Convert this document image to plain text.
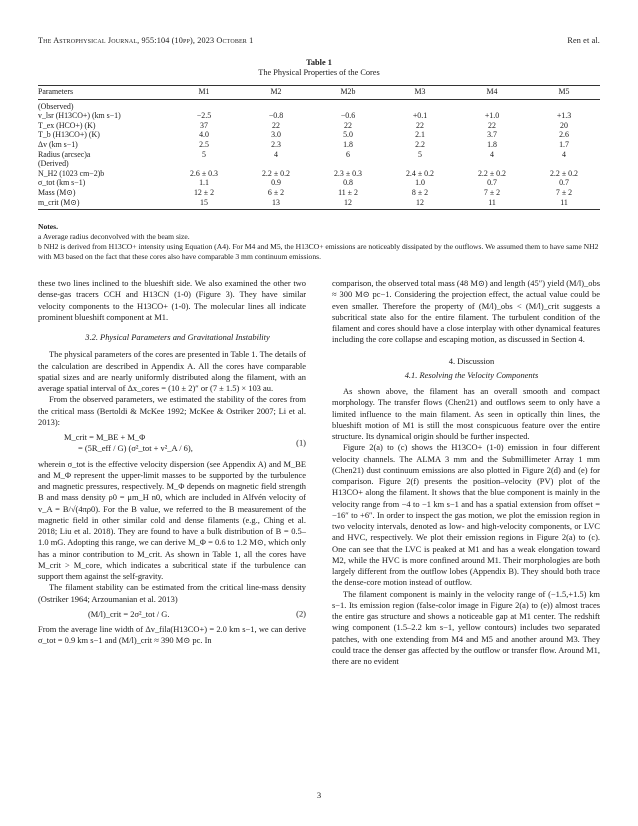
The Astrophysical Journal, 955:104 (10pp), 2023 October 1	Ren et al.
Table 1
The Physical Properties of the Cores
Parameters	M1	M2	M2b	M3	M4	M5
(Observed)						
v_lsr (H13CO+) (km s−1)	−2.5	−0.8	−0.6	+0.1	+1.0	+1.3
T_ex (HCO+) (K)	37	22	22	22	22	20
T_b (H13CO+) (K)	4.0	3.0	5.0	2.1	3.7	2.6
Δv (km s−1)	2.5	2.3	1.8	2.2	1.8	1.7
Radius (arcsec)a	5	4	6	5	4	4
(Derived)						
N_H2 (1023 cm−2)b	2.6 ± 0.3	2.2 ± 0.2	2.3 ± 0.3	2.4 ± 0.2	2.2 ± 0.2	2.2 ± 0.2
σ_tot (km s−1)	1.1	0.9	0.8	1.0	0.7	0.7
Mass (M⊙)	12 ± 2	6 ± 2	11 ± 2	8 ± 2	7 ± 2	7 ± 2
m_crit (M⊙)	15	13	12	12	11	11
Notes.
a Average radius deconvolved with the beam size.
b NH2 is derived from H13CO+ intensity using Equation (A4). For M4 and M5, the H13CO+ emissions are noticeably dissipated by the outflows. We assumed them to have same NH2 with M3 based on the fact that these cores also have comparable 3 mm continuum emissions.

these two lines inclined to the blueshift side. We also examined the other two dense-gas tracers CCH and H13CN (1-0) (Figure 3). They have similar velocity components to the H13CO+ (1-0). The molecular lines all indicate prominent blueshift component at M1.

3.2. Physical Parameters and Gravitational Instability

The physical parameters of the cores are presented in Table 1. The details of the calculation are described in Appendix A. All the cores have comparable spatial sizes and are nearly uniformly distributed along the filament, with an average spatial interval of Δx_cores = (10 ± 2)″ or (7 ± 1.5) × 103 au.

From the observed parameters, we estimated the stability of the cores from the critical mass (Bertoldi & McKee 1992; McKee & Ostriker 2007; Li et al. 2013):

M_crit = M_BE + M_Φ
= (5R_eff / G) (σ²_tot + v²_A / 6),
(1)

wherein σ_tot is the effective velocity dispersion (see Appendix A) and M_BE and M_Φ represent the upper-limit masses to be supported by the turbulence and magnetic pressures, respectively. M_Φ depends on magnetic field strength B and mass density ρ0 = μm_H n0, which are included in Alfvén velocity of v_A = B/√(4πρ0). For the B value, we referred to the B measurement of the magnetic field in other similar cold and dense filaments (e.g., Ching et al. 2018; Liu et al. 2018). They are found to have a bulk distribution of B = 0.5–1.0 mG. Adopting this range, we can derive M_Φ = 0.6 to 1.2 M⊙, which only has a minor contribution to M_crit. As shown in Table 1, all the cores have M_crit > M_core, which indicates a subcritical state if the turbulence can support them against the self-gravity.

The filament stability can be estimated from the critical line-mass density (Ostriker 1964; Arzoumanian et al. 2013)

(M/l)_crit = 2σ²_tot / G.	(2)

From the average line width of Δv_fila(H13CO+) = 2.0 km s−1, we can derive σ_tot = 0.9 km s−1 and (M/l)_crit ≈ 390 M⊙ pc. In

comparison, the observed total mass (48 M⊙) and length (45″) yield (M/l)_obs ≈ 300 M⊙ pc−1. Considering the projection effect, the actual value could be even smaller. Therefore the property of (M/l)_obs < (M/l)_crit suggests a subcritical state also for the entire filament. The turbulent condition of the filament and cores should have a close interplay with other dynamical features including the core collapse and escaping motion, as discussed in Section 4.

4. Discussion

4.1. Resolving the Velocity Components

As shown above, the filament has an overall smooth and compact morphology. The transfer flows (Chen21) and outflows seem to only have a limited influence to the main filament. As seen in optically thin lines, the blueshift motion of M1 is still the most conspicuous feature over the entire structure. Its dynamical origin should be further inspected.

Figure 2(a) to (c) shows the H13CO+ (1-0) emission in four different velocity channels. The ALMA 3 mm and the Submillimeter Array 1 mm (Chen21) dust continuum emissions are also plotted in Figure 2(d) and (e) for comparison. Figure 2(f) presents the position–velocity (PV) plot of the H13CO+ along the filament. It shows that the blue component is mainly in the velocity range from −4 to −1 km s−1 and has a spatial extension from offset = −16″ to +6″. In order to inspect the gas motion, we plot the emission region in two velocity intervals, denoted as low- and high-velocity components, or LVC and HVC, respectively. We plot their emission regions in Figure 2(a) to (c). One can see that the LVC is peaked at M1 and has a weak elongation toward M2, while the HVC is more confined around M1. Their morphologies are both largely different from the outflow lobes (Appendix B). They should both trace the dense-core motion instead of outflow.

The filament component is mainly in the velocity range of (−1.5,+1.5) km s−1. Its emission region (false-color image in Figure 2(a) to (e)) almost traces the entire gas structure and shows a noticeable gap at M1 center. The redshift wing component (1.5–2.2 km s−1, yellow contours) includes two separated patches, with one extending from M4 and M5 and another around M3. They could trace the denser gas affected by the outflow or transfer flow. Around M1, there are no evident

3
